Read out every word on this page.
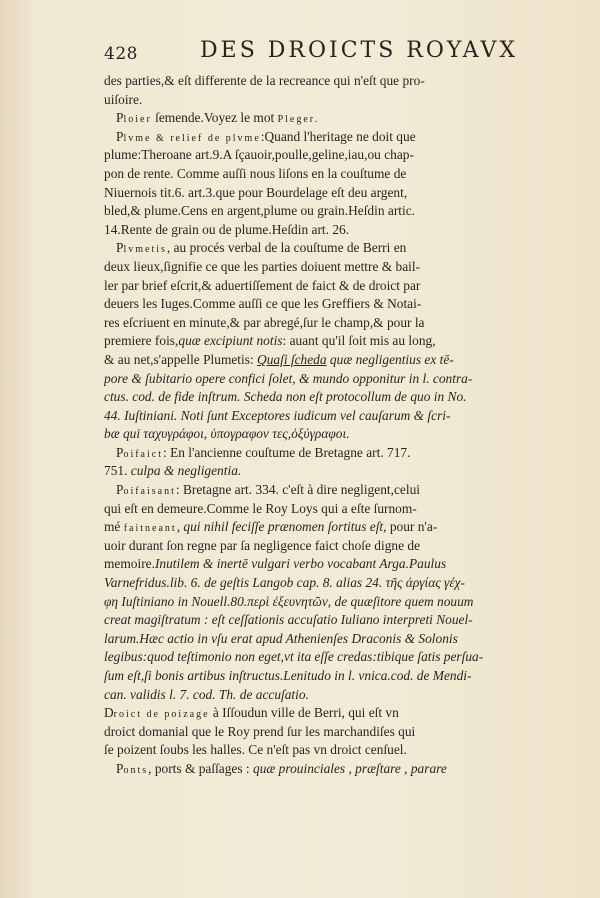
428	DES DROICTS ROYAVX
des parties,& eſt differente de la recreance qui n'eſt que pro-
uiſoire.
Ploier ſemende.Voyez le mot Pleger.
Plvme & relief de plvme:Quand l'heritage ne doit que
plume:Theroane art.9.A ſçauoir,poulle,geline,iau,ou chap-
pon de rente. Comme auſſi nous liſons en la couſtume de
Niuernois tit.6. art.3.que pour Bourdelage eſt deu argent,
bled,& plume.Cens en argent,plume ou grain.Heſdin artic.
14.Rente de grain ou de plume.Heſdin art. 26.
Plvmetis, au procés verbal de la couſtume de Berri en
deux lieux,ſignifie ce que les parties doiuent mettre & bail-
ler par brief eſcrit,& aduertiſſement de faict & de droict par
deuers les Iuges.Comme auſſi ce que les Greffiers & Notai-
res eſcriuent en minute,& par abregé,ſur le champ,& pour la
premiere fois,quæ excipiunt notis: auant qu'il ſoit mis au long,
& au net,s'appelle Plumetis: Quaſi ſcheda quæ negligentius ex tē-
pore & ſubitario opere confici ſolet, & mundo opponitur in l. contra-
ctus. cod. de fide inſtrum. Scheda non eſt protocollum de quo in No.
44. Iuſtiniani. Noti ſunt Exceptores iudicum vel cauſarum & ſcri-
bæ qui ταχυγράφοι, ὑπογραφον τες,ὀξύγραφοι.
Poifaict: En l'ancienne couſtume de Bretagne art. 717.
751. culpa & negligentia.
Poifaisant: Bretagne art. 334. c'eſt à dire negligent,celui
qui eſt en demeure.Comme le Roy Loys qui a eſte ſurnom-
mé faitneant, qui nihil feciſſe prænomen ſortitus eſt, pour n'a-
uoir durant ſon regne par ſa negligence faict choſe digne de
memoire.Inutilem & inertē vulgari verbo vocabant Arga.Paulus
Varnefridus.lib. 6. de geſtis Langob cap. 8. alias 24. τῆς ἀργίας γέχ-
φη Iuſtiniano in Nouell.80.περὶ ἐξευνητῶν, de quæſitore quem nouum
creat magiſtratum : eſt ceſſationis accuſatio Iuliano interpreti Nouel-
larum.Hæc actio in vſu erat apud Athenienſes Draconis & Solonis
legibus:quod teſtimonio non eget,vt ita eſſe credas:tibique ſatis perſua-
ſum eſt,ſi bonis artibus inſtructus.Lenitudo in l. vnica.cod. de Mendi-
can. validis l. 7. cod. Th. de accuſatio.
Droict de poizage à Iſſoudun ville de Berri, qui eſt vn
droict domanial que le Roy prend ſur les marchandiſes qui
ſe poizent ſoubs les halles. Ce n'eſt pas vn droict cenſuel.
Ponts, ports & paſſages : quæ prouinciales , præſtare , parare
